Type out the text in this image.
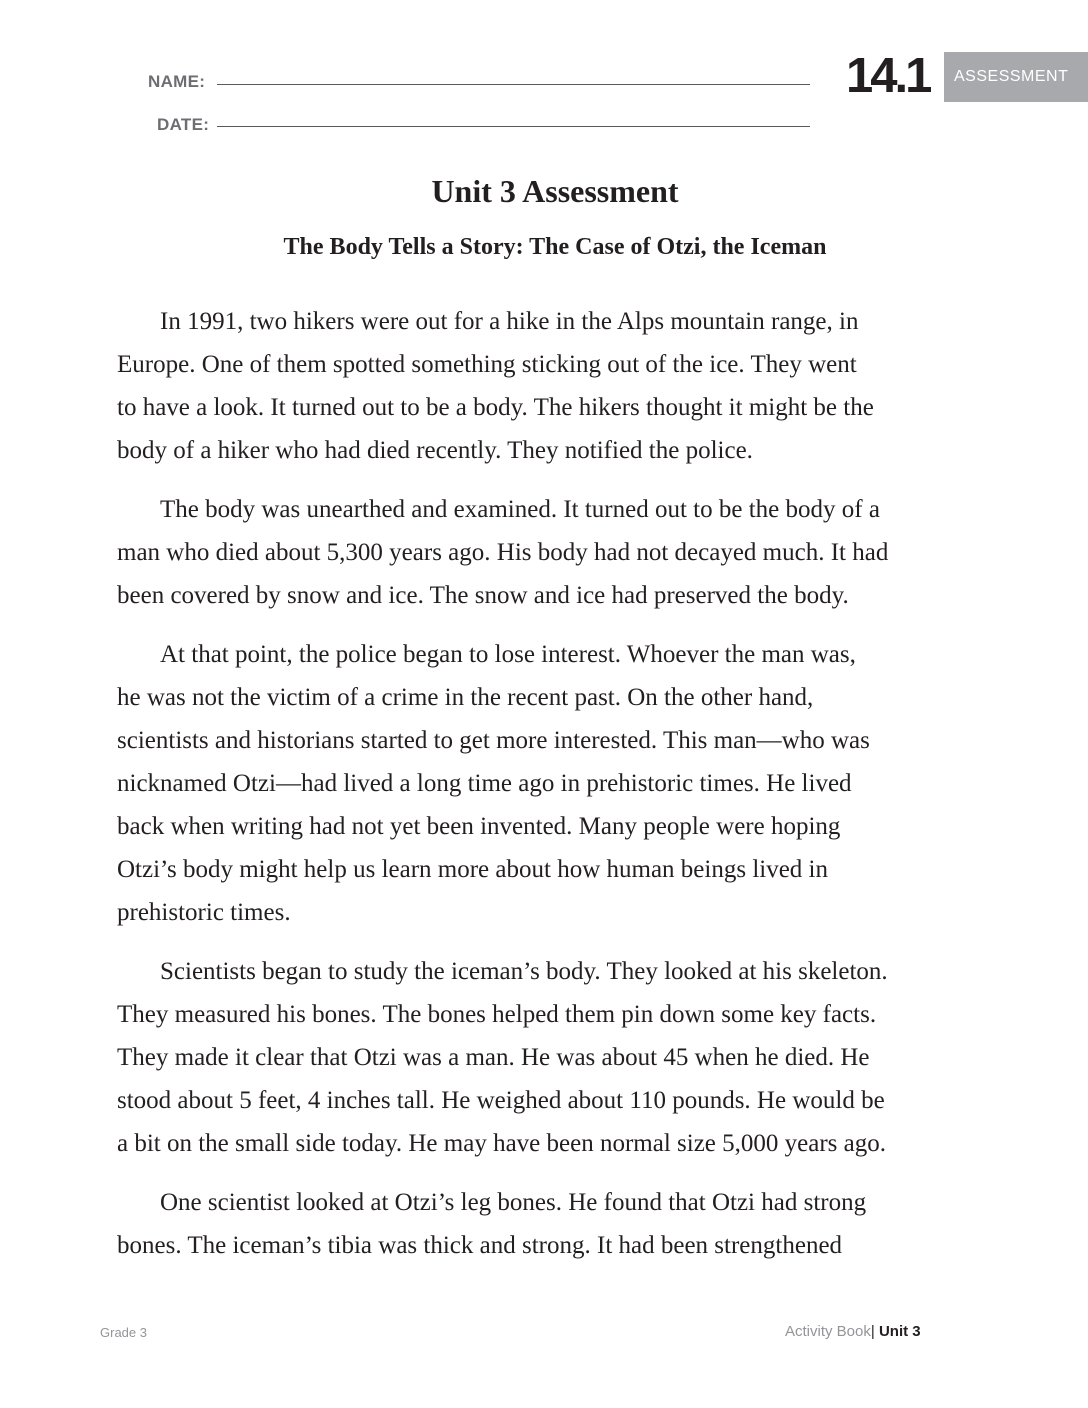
NAME:
DATE:
14.1	ASSESSMENT
Unit 3 Assessment
The Body Tells a Story: The Case of Otzi, the Iceman

In 1991, two hikers were out for a hike in the Alps mountain range, in
Europe. One of them spotted something sticking out of the ice. They went
to have a look. It turned out to be a body. The hikers thought it might be the
body of a hiker who had died recently. They notified the police.

The body was unearthed and examined. It turned out to be the body of a
man who died about 5,300 years ago. His body had not decayed much. It had
been covered by snow and ice. The snow and ice had preserved the body.

At that point, the police began to lose interest. Whoever the man was,
he was not the victim of a crime in the recent past. On the other hand,
scientists and historians started to get more interested. This man—who was
nicknamed Otzi—had lived a long time ago in prehistoric times. He lived
back when writing had not yet been invented. Many people were hoping
Otzi’s body might help us learn more about how human beings lived in
prehistoric times.

Scientists began to study the iceman’s body. They looked at his skeleton.
They measured his bones. The bones helped them pin down some key facts.
They made it clear that Otzi was a man. He was about 45 when he died. He
stood about 5 feet, 4 inches tall. He weighed about 110 pounds. He would be
a bit on the small side today. He may have been normal size 5,000 years ago.

One scientist looked at Otzi’s leg bones. He found that Otzi had strong
bones. The iceman’s tibia was thick and strong. It had been strengthened

Grade 3	Activity Book| Unit 3
